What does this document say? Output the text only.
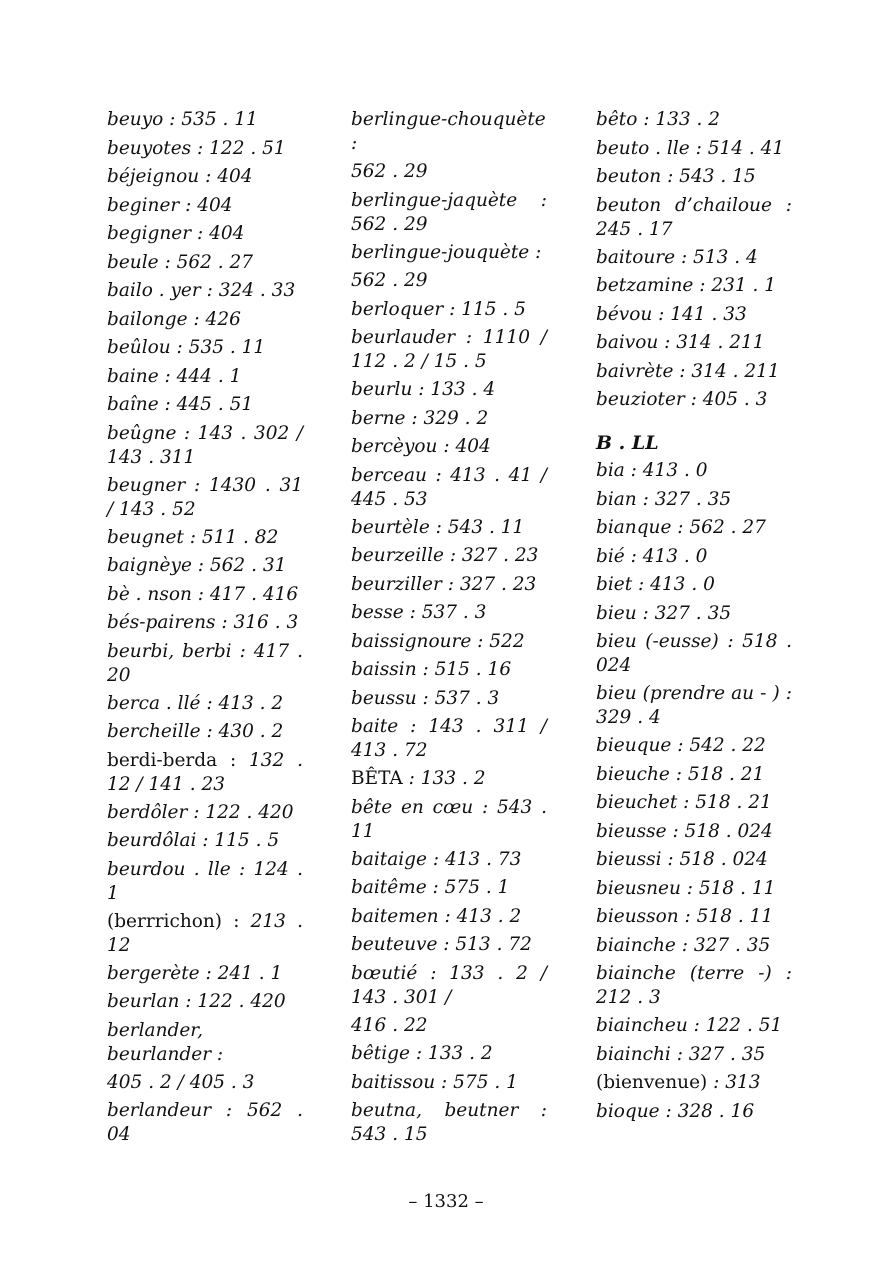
beuyo : 535 . 11
beuyotes : 122 . 51
béjeignou : 404
beginer : 404
begigner : 404
beule : 562 . 27
bailo . yer : 324 . 33
bailonge : 426
beûlou : 535 . 11
baine : 444 . 1
baîne : 445 . 51
beûgne : 143 . 302 / 143 . 311
beugner : 1430 . 31 / 143 . 52
beugnet : 511 . 82
baignèye : 562 . 31
bè . nson : 417 . 416
bés-pairens : 316 . 3
beurbi, berbi : 417 . 20
berca . llé : 413 . 2
bercheille : 430 . 2
berdi-berda : 132 . 12 / 141 . 23
berdôler : 122 . 420
beurdôlai : 115 . 5
beurdou . lle : 124 . 1
(berrrichon) : 213 . 12
bergerète : 241 . 1
beurlan : 122 . 420
berlander, beurlander :
405 . 2 / 405 . 3
berlandeur : 562 . 04
berlingue-chouquète :
562 . 29
berlingue-jaquète : 562 . 29
berlingue-jouquète :
562 . 29
berloquer : 115 . 5
beurlauder : 1110 / 112 . 2 / 15 . 5
beurlu : 133 . 4
berne : 329 . 2
bercèyou : 404
berceau : 413 . 41 / 445 . 53
beurtèle : 543 . 11
beurzeille : 327 . 23
beurziller : 327 . 23
besse : 537 . 3
baissignoure : 522
baissin : 515 . 16
beussu : 537 . 3
baite : 143 . 311 / 413 . 72
BÊTA : 133 . 2
bête en cœu : 543 . 11
baitaige : 413 . 73
baitême : 575 . 1
baitemen : 413 . 2
beuteuve : 513 . 72
bœutié : 133 . 2 / 143 . 301 /
416 . 22
bêtige : 133 . 2
baitissou : 575 . 1
beutna, beutner : 543 . 15
bêto : 133 . 2
beuto . lle : 514 . 41
beuton : 543 . 15
beuton d’chailoue : 245 . 17
baitoure : 513 . 4
betzamine : 231 . 1
bévou : 141 . 33
baivou : 314 . 211
baivrète : 314 . 211
beuzioter : 405 . 3
B . LL
bia : 413 . 0
bian : 327 . 35
bianque : 562 . 27
bié : 413 . 0
biet : 413 . 0
bieu : 327 . 35
bieu (-eusse) : 518 . 024
bieu (prendre au - ) : 329 . 4
bieuque : 542 . 22
bieuche : 518 . 21
bieuchet : 518 . 21
bieusse : 518 . 024
bieussi : 518 . 024
bieusneu : 518 . 11
bieusson : 518 . 11
biainche : 327 . 35
biainche (terre -) : 212 . 3
biaincheu : 122 . 51
biainchi : 327 . 35
(bienvenue) : 313
bioque : 328 . 16
– 1332 –
